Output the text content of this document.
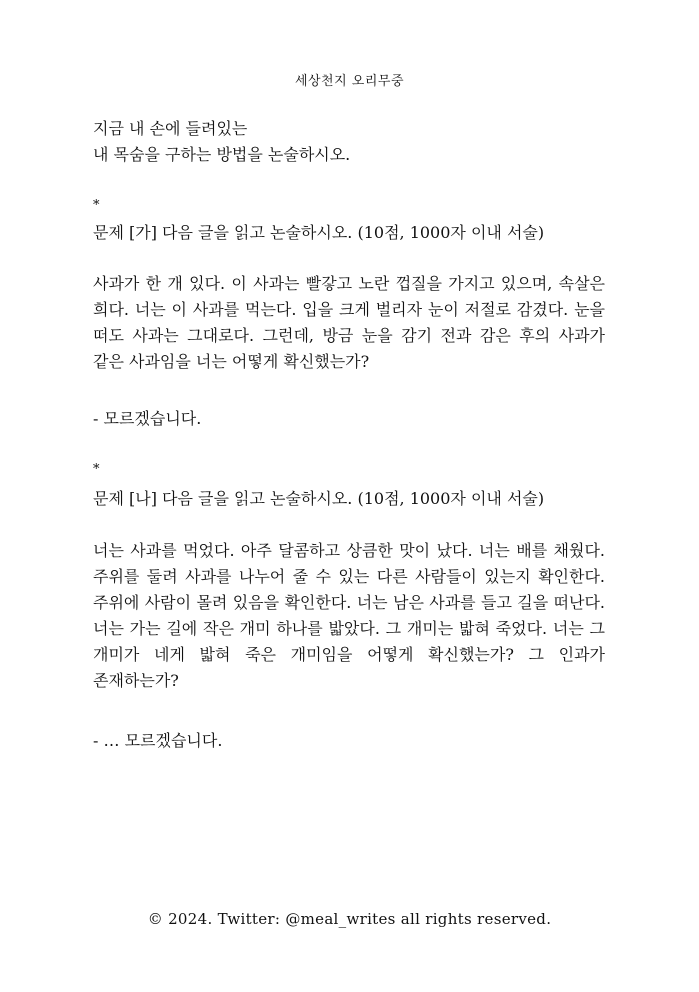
세상천지 오리무중
지금 내 손에 들려있는
내 목숨을 구하는 방법을 논술하시오.
*
문제 [가] 다음 글을 읽고 논술하시오. (10점, 1000자 이내 서술)
사과가 한 개 있다. 이 사과는 빨갛고 노란 껍질을 가지고 있으며, 속살은 희다. 너는 이 사과를 먹는다. 입을 크게 벌리자 눈이 저절로 감겼다. 눈을 떠도 사과는 그대로다. 그런데, 방금 눈을 감기 전과 감은 후의 사과가 같은 사과임을 너는 어떻게 확신했는가?
- 모르겠습니다.
*
문제 [나] 다음 글을 읽고 논술하시오. (10점, 1000자 이내 서술)
너는 사과를 먹었다. 아주 달콤하고 상큼한 맛이 났다. 너는 배를 채웠다. 주위를 둘려 사과를 나누어 줄 수 있는 다른 사람들이 있는지 확인한다. 주위에 사람이 몰려 있음을 확인한다. 너는 남은 사과를 들고 길을 떠난다. 너는 가는 길에 작은 개미 하나를 밟았다. 그 개미는 밟혀 죽었다. 너는 그 개미가 네게 밟혀 죽은 개미임을 어떻게 확신했는가? 그 인과가 존재하는가?
- … 모르겠습니다.
© 2024. Twitter: @meal_writes all rights reserved.
